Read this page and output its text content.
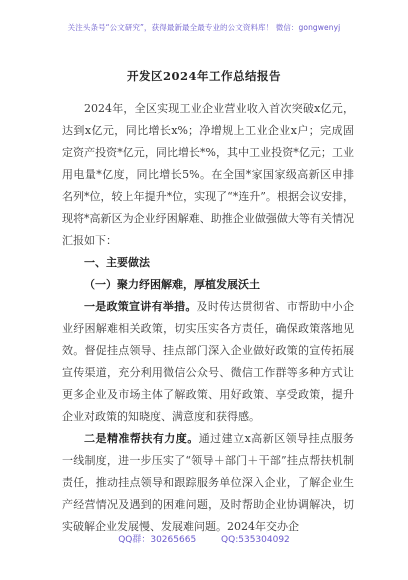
关注头条号“公文研究”，获得最新最全最专业的公文资料库！ 微信：gongwenyj
开发区2024年工作总结报告

2024年，全区实现工业企业营业收入首次突破x亿元，达到x亿元，同比增长x%；净增规上工业企业x户；完成固定资产投资*亿元，同比增长*%，其中工业投资*亿元；工业用电量*亿度，同比增长5%。在全国*家国家级高新区申排名列*位，较上年提升*位，实现了“*连升”。根据会议安排，现将*高新区为企业纾困解难、助推企业做强做大等有关情况汇报如下：

一、主要做法

（一）聚力纾困解难，厚植发展沃土

一是政策宣讲有举措。及时传达贯彻省、市帮助中小企业纾困解难相关政策，切实压实各方责任，确保政策落地见效。督促挂点领导、挂点部门深入企业做好政策的宣传拓展宣传渠道，充分利用微信公众号、微信工作群等多种方式让更多企业及市场主体了解政策、用好政策、享受政策，提升企业对政策的知晓度、满意度和获得感。

二是精准帮扶有力度。通过建立x高新区领导挂点服务一线制度，进一步压实了“领导＋部门＋干部”挂点帮扶机制责任，推动挂点领导和跟踪服务单位深入企业，了解企业生产经营情况及遇到的困难问题，及时帮助企业协调解决，切实破解企业发展慢、发展难问题。2024年交办企

QQ群：30265665	QQ:535304092
